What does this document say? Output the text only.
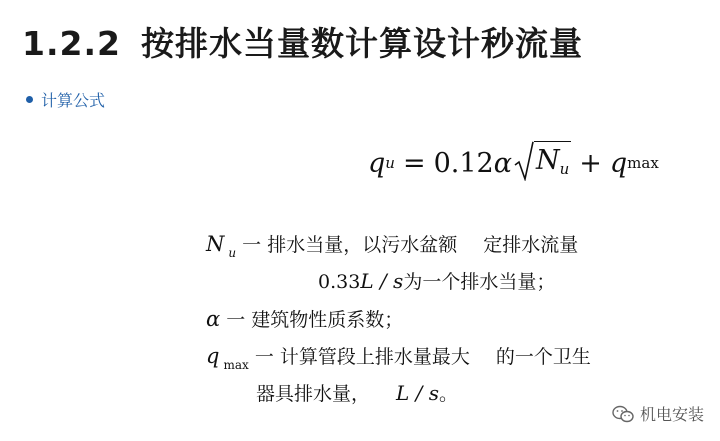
1.2.2 按排水当量数计算设计秒流量
计算公式
q u = 0.12 α $N_u + q$ max
N $_u$ 一 排水当量，以污水盆额 定排水流量
0.33L / s为一个排水当量；
α 一 建筑物性质系数；
q $_{max}$ 一 计算管段上排水量最大 的一个卫生
器具排水量， L / s。
机电安装
